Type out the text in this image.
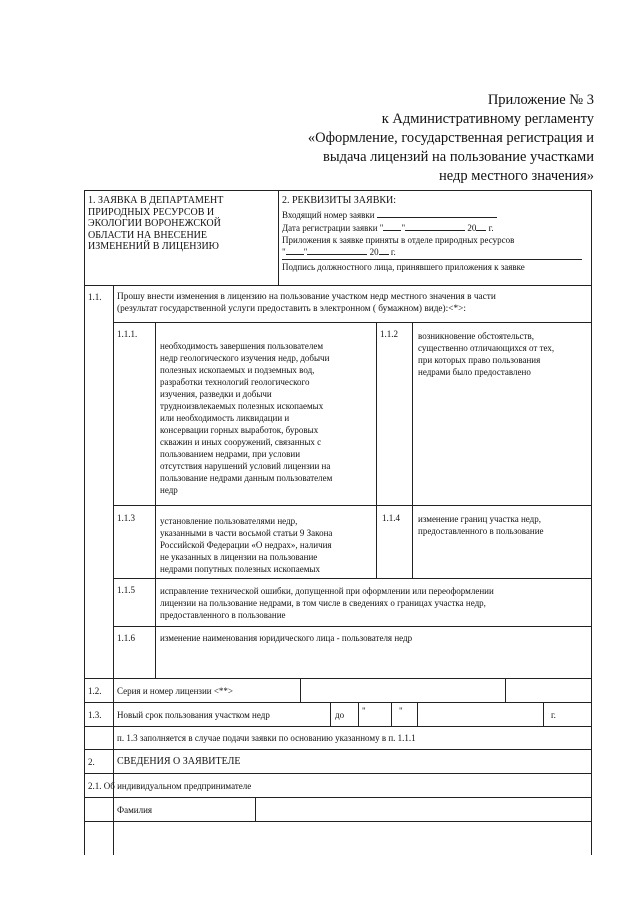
Приложение № 3
к Административному регламенту
«Оформление, государственная регистрация и
выдача лицензий на пользование участками
недр местного значения»
1. ЗАЯВКА В ДЕПАРТАМЕНТ
ПРИРОДНЫХ РЕСУРСОВ И
ЭКОЛОГИИ ВОРОНЕЖСКОЙ
ОБЛАСТИ НА ВНЕСЕНИЕ
ИЗМЕНЕНИЙ В ЛИЦЕНЗИЮ
2. РЕКВИЗИТЫ ЗАЯВКИ:
Входящий номер заявки
Дата регистрации заявки " "	20 г.
Приложения к заявке приняты в отделе природных ресурсов
" "	20 г.
Подпись должностного лица, принявшего приложения к заявке
1.1. Прошу внести изменения в лицензию на пользование участком недр местного значения в части
(результат государственной услуги предоставить в электронном ( бумажном) виде):<*>:
1.1.1.
необходимость завершения пользователем
недр геологического изучения недр, добычи
полезных ископаемых и подземных вод,
разработки технологий геологического
изучения, разведки и добычи
трудноизвлекаемых полезных ископаемых
или необходимость ликвидации и
консервации горных выработок, буровых
скважин и иных сооружений, связанных с
пользованием недрами, при условии
отсутствия нарушений условий лицензии на
пользование недрами данным пользователем
недр
1.1.2 возникновение обстоятельств,
существенно отличающихся от тех,
при которых право пользования
недрами было предоставлено
1.1.3	установление пользователями недр,
указанными в части восьмой статьи 9 Закона
Российской Федерации «О недрах», наличия
не указанных в лицензии на пользование
недрами попутных полезных ископаемых
1.1.4 изменение границ участка недр,
предоставленного в пользование
1.1.5	исправление технической ошибки, допущенной при оформлении или переоформлении
лицензии на пользование недрами, в том числе в сведениях о границах участка недр,
предоставленного в пользование
1.1.6	изменение наименования юридического лица - пользователя недр
1.2. Серия и номер лицензии <**>
1.3. Новый срок пользования участком недр	до "	"	г.
п. 1.3 заполняется в случае подачи заявки по основанию указанному в п. 1.1.1
2. СВЕДЕНИЯ О ЗАЯВИТЕЛЕ
2.1. Об индивидуальном предпринимателе
Фамилия
